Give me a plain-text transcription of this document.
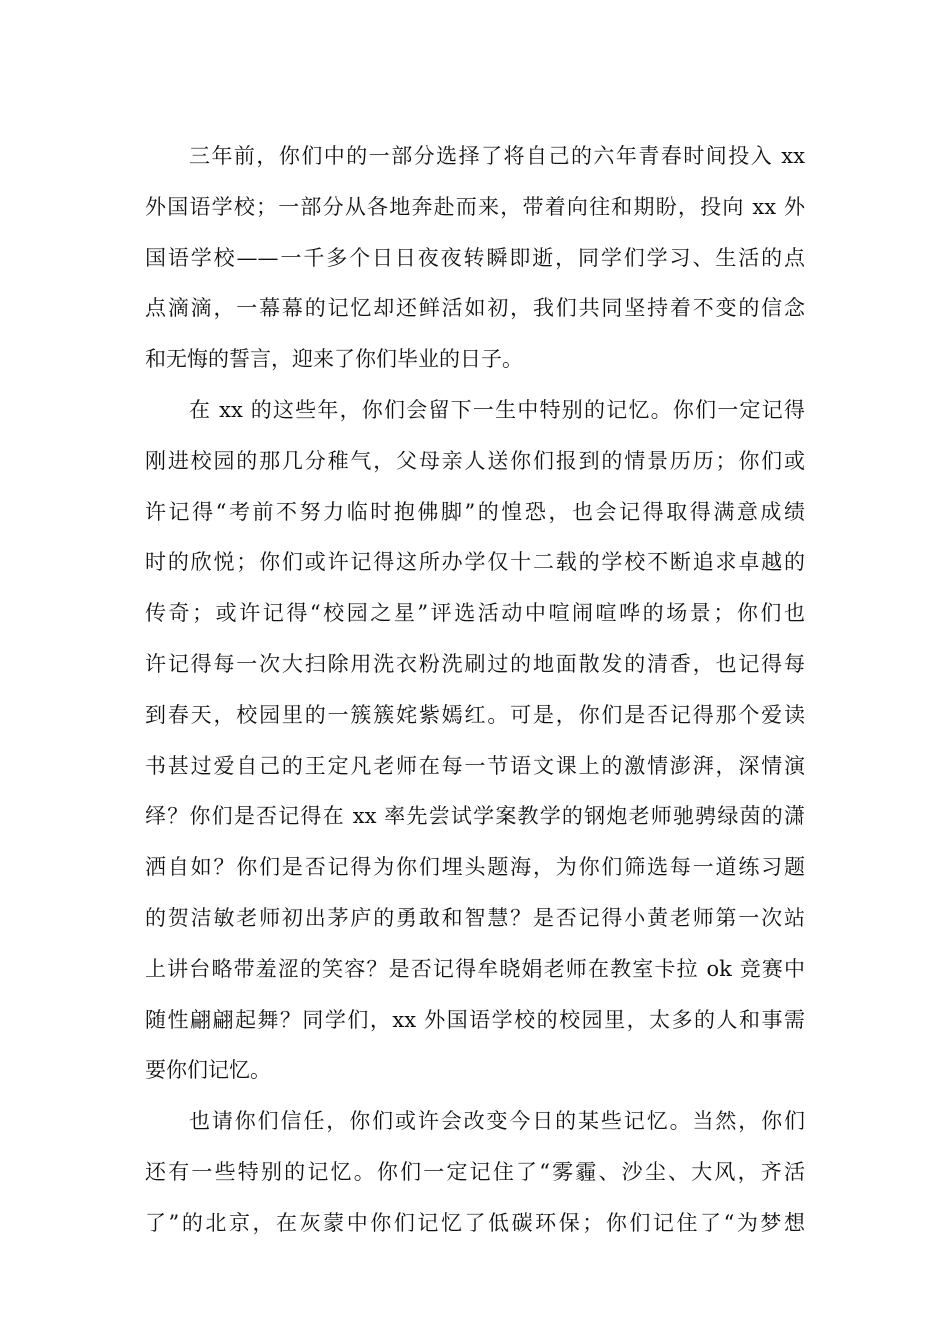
三年前，你们中的一部分选择了将自己的六年青春时间投入 xx
外国语学校；一部分从各地奔赴而来，带着向往和期盼，投向 xx 外
国语学校——一千多个日日夜夜转瞬即逝，同学们学习、生活的点
点滴滴，一幕幕的记忆却还鲜活如初，我们共同坚持着不变的信念
和无悔的誓言，迎来了你们毕业的日子。
在 xx 的这些年，你们会留下一生中特别的记忆。你们一定记得
刚进校园的那几分稚气，父母亲人送你们报到的情景历历；你们或
许记得“考前不努力临时抱佛脚”的惶恐，也会记得取得满意成绩
时的欣悦；你们或许记得这所办学仅十二载的学校不断追求卓越的
传奇；或许记得“校园之星”评选活动中喧闹喧哗的场景；你们也
许记得每一次大扫除用洗衣粉洗刷过的地面散发的清香，也记得每
到春天，校园里的一簇簇姹紫嫣红。可是，你们是否记得那个爱读
书甚过爱自己的王定凡老师在每一节语文课上的激情澎湃，深情演
绎？你们是否记得在 xx 率先尝试学案教学的钢炮老师驰骋绿茵的潇
洒自如？你们是否记得为你们埋头题海，为你们筛选每一道练习题
的贺洁敏老师初出茅庐的勇敢和智慧？是否记得小黄老师第一次站
上讲台略带羞涩的笑容？是否记得牟晓娟老师在教室卡拉 ok 竞赛中
随性翩翩起舞？同学们，xx 外国语学校的校园里，太多的人和事需
要你们记忆。
也请你们信任，你们或许会改变今日的某些记忆。当然，你们
还有一些特别的记忆。你们一定记住了“雾霾、沙尘、大风，齐活
了”的北京，在灰蒙中你们记忆了低碳环保；你们记住了“为梦想
